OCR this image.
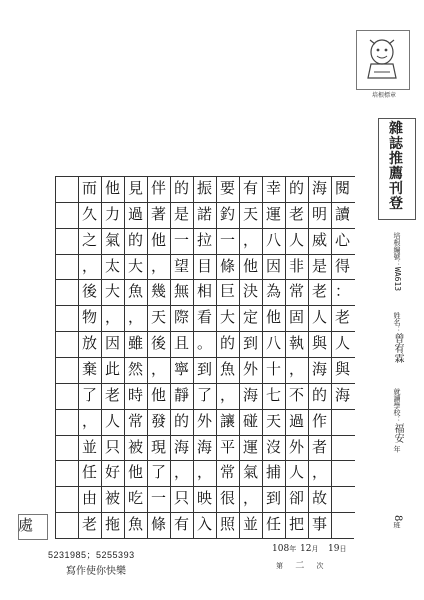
培根標章
雜誌推薦刊登
培根編號：WA613
姓名：曾宥霖
就讀學校：福安 年
8班
閱
讀
心
得
：
老
人
與
海
海
明
威
是
老
人
與
海
的
作
者
，
故
事
的
老
人
非
常
固
執
，
不
過
外
人
卻
把
幸
運
八
因
為
他
八
十
七
天
沒
捕
到
任
有
天
，
他
決
定
到
外
海
碰
運
氣
，
並
要
釣
一
條
巨
大
的
魚
，
讓
平
常
很
照
振
諾
拉
目
相
看
。
到
了
外
海
，
映
入
的
是
一
望
無
際
且
寧
靜
的
海
，
只
有
伴
著
他
，
幾
天
後
，
他
發
現
了
一
條
見
過
的
大
魚
，
雖
然
時
常
被
他
吃
魚
他
力
氣
太
大
，
因
此
老
人
只
好
被
拖
而
久
之
，
後
物
放
棄
了
，
並
任
由
老
處
5231985；5255393
寫作使你快樂
108年 12月 19日
第 二 次
